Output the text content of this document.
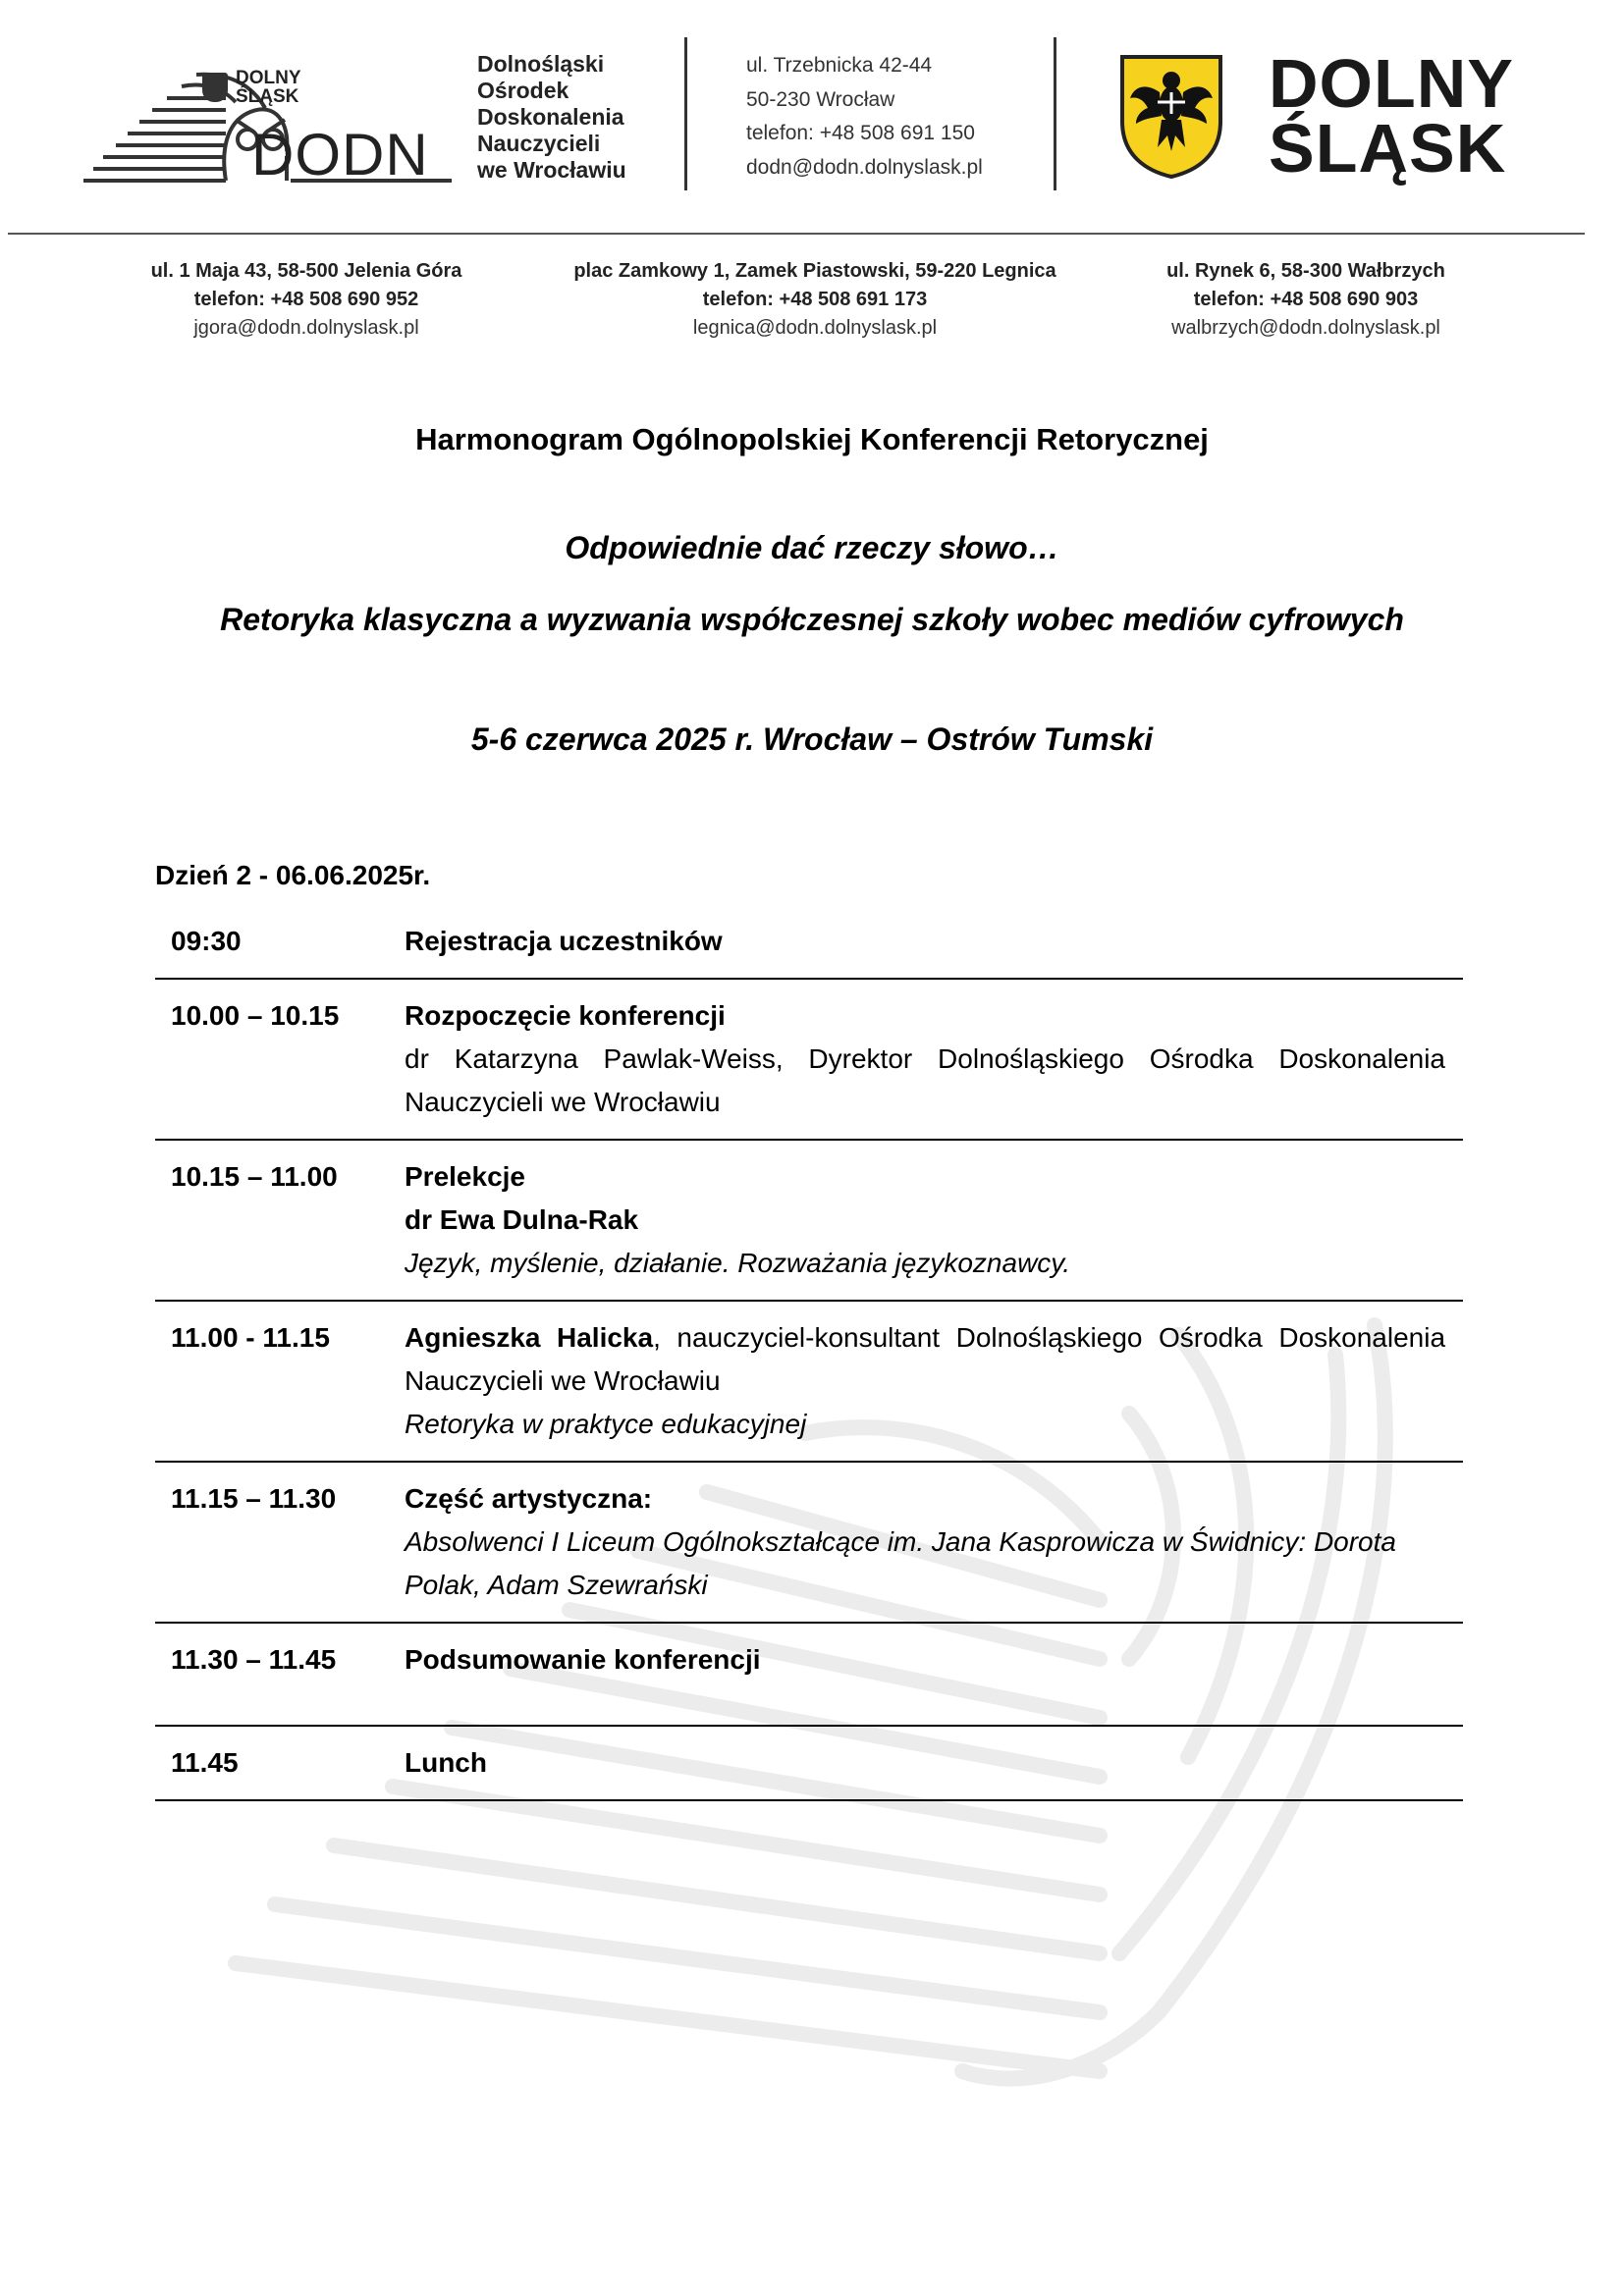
DOLNY
ŚLĄSK
DODN
Dolnośląski
Ośrodek
Doskonalenia
Nauczycieli
we Wrocławiu
ul. Trzebnicka 42-44
50-230 Wrocław
telefon: +48 508 691 150
dodn@dodn.dolnyslask.pl
DOLNY
ŚLĄSK
ul. 1 Maja 43, 58-500 Jelenia Góra
telefon: +48 508 690 952
jgora@dodn.dolnyslask.pl
plac Zamkowy 1, Zamek Piastowski, 59-220 Legnica
telefon: +48 508 691 173
legnica@dodn.dolnyslask.pl
ul. Rynek 6, 58-300 Wałbrzych
telefon: +48 508 690 903
walbrzych@dodn.dolnyslask.pl
Harmonogram Ogólnopolskiej Konferencji Retorycznej
Odpowiednie dać rzeczy słowo…
Retoryka klasyczna a wyzwania współczesnej szkoły wobec mediów cyfrowych
5-6 czerwca 2025 r. Wrocław – Ostrów Tumski
Dzień 2 - 06.06.2025r.
09:30	Rejestracja uczestników
10.00 – 10.15	Rozpoczęcie konferencji
dr Katarzyna Pawlak-Weiss, Dyrektor Dolnośląskiego Ośrodka Doskonalenia Nauczycieli we Wrocławiu
10.15 – 11.00	Prelekcje
dr Ewa Dulna-Rak
Język, myślenie, działanie. Rozważania językoznawcy.
11.00 - 11.15	Agnieszka Halicka, nauczyciel-konsultant Dolnośląskiego Ośrodka Doskonalenia Nauczycieli we Wrocławiu
Retoryka w praktyce edukacyjnej
11.15 – 11.30	Część artystyczna:
Absolwenci I Liceum Ogólnokształcące im. Jana Kasprowicza w Świdnicy: Dorota Polak, Adam Szewrański
11.30 – 11.45	Podsumowanie konferencji
11.45	Lunch
